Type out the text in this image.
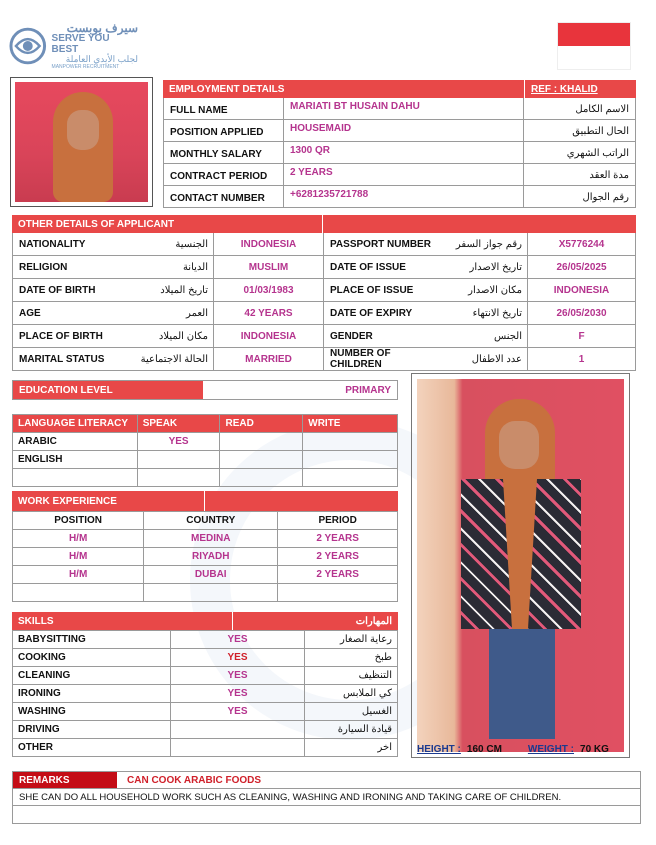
سيرف يوبست
SERVE YOU BEST
لجلب الأيدي العاملة
MANPOWER RECRUITMENT
EMPLOYMENT DETAILS	REF : KHALID
FULL NAME	MARIATI BT HUSAIN DAHU	الاسم الكامل
POSITION APPLIED	HOUSEMAID	الحال التطبيق
MONTHLY SALARY	1300 QR	الراتب الشهري
CONTRACT PERIOD	2 YEARS	مدة العقد
CONTACT NUMBER	+6281235721788	رقم الجوال
OTHER DETAILS OF APPLICANT
NATIONALITY	الجنسية	INDONESIA	PASSPORT NUMBER	رقم جواز السفر	X5776244
RELIGION	الديانة	MUSLIM	DATE OF ISSUE	تاريخ الاصدار	26/05/2025
DATE OF BIRTH	تاريخ الميلاد	01/03/1983	PLACE OF ISSUE	مكان الاصدار	INDONESIA
AGE	العمر	42 YEARS	DATE OF EXPIRY	تاريخ الانتهاء	26/05/2030
PLACE OF BIRTH	مكان الميلاد	INDONESIA	GENDER	الجنس	F
MARITAL STATUS	الحالة الاجتماعية	MARRIED	NUMBER OF CHILDREN	عدد الاطفال	1
EDUCATION LEVEL	PRIMARY
LANGUAGE LITERACY	SPEAK	READ	WRITE
ARABIC	YES		
ENGLISH			

WORK EXPERIENCE
POSITION	COUNTRY	PERIOD
H/M	MEDINA	2 YEARS
H/M	RIYADH	2 YEARS
H/M	DUBAI	2 YEARS

SKILLS	المهارات
BABYSITTING	YES	رعاية الصغار
COOKING	YES	طبخ
CLEANING	YES	التنظيف
IRONING	YES	كي الملابس
WASHING	YES	الغسيل
DRIVING		قيادة السيارة
OTHER		اخر	HEIGHT : 160 CM	WEIGHT : 70 KG
REMARKS	CAN COOK ARABIC FOODS
SHE CAN DO ALL HOUSEHOLD WORK SUCH AS CLEANING, WASHING AND IRONING AND TAKING CARE OF CHILDREN.
